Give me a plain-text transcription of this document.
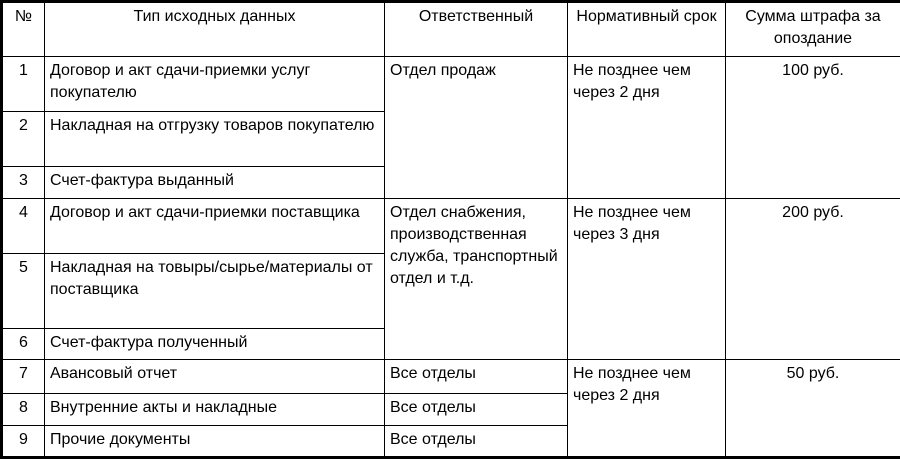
№	Тип исходных данных	Ответственный	Нормативный срок	Сумма штрафа за опоздание
1	Договор и акт сдачи-приемки услуг покупателю	Отдел продаж	Не позднее чем через 2 дня	100 руб.
2	Накладная на отгрузку товаров покупателю			
3	Счет-фактура выданный			
4	Договор и акт сдачи-приемки поставщика	Отдел снабжения, производственная служба, транспортный отдел и т.д.	Не позднее чем через 3 дня	200 руб.
5	Накладная на товыры/сырье/материалы от поставщика			
6	Счет-фактура полученный			
7	Авансовый отчет	Все отделы	Не позднее чем через 2 дня	50 руб.
8	Внутренние акты и накладные	Все отделы		
9	Прочие документы	Все отделы		
